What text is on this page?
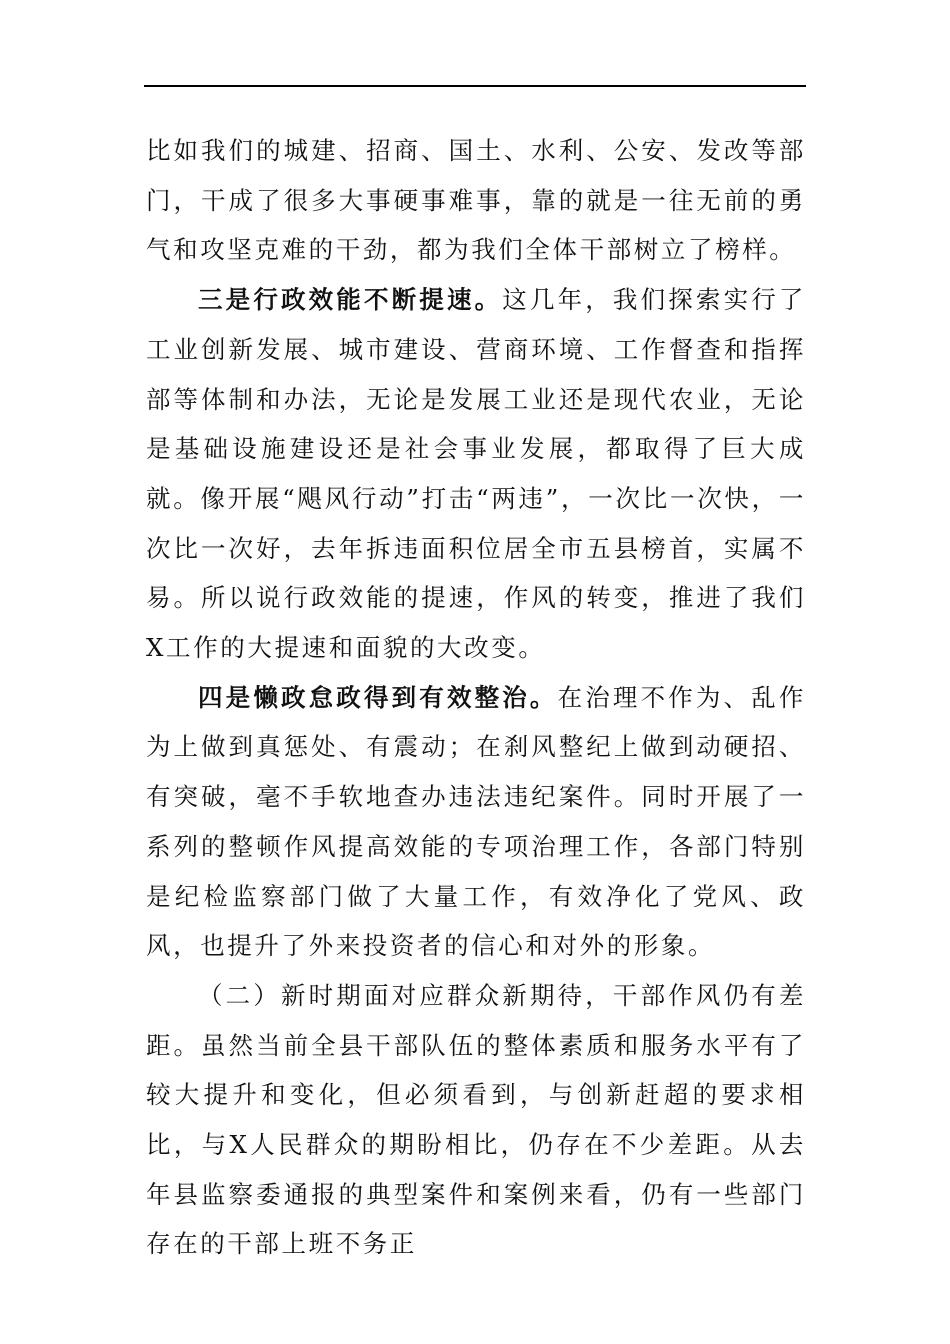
比如我们的城建、招商、国土、水利、公安、发改等部门，干成了很多大事硬事难事，靠的就是一往无前的勇气和攻坚克难的干劲，都为我们全体干部树立了榜样。

三是行政效能不断提速。这几年，我们探索实行了工业创新发展、城市建设、营商环境、工作督查和指挥部等体制和办法，无论是发展工业还是现代农业，无论是基础设施建设还是社会事业发展，都取得了巨大成就。像开展“飓风行动”打击“两违”，一次比一次快，一次比一次好，去年拆违面积位居全市五县榜首，实属不易。所以说行政效能的提速，作风的转变，推进了我们X工作的大提速和面貌的大改变。

四是懒政怠政得到有效整治。在治理不作为、乱作为上做到真惩处、有震动；在刹风整纪上做到动硬招、有突破，毫不手软地查办违法违纪案件。同时开展了一系列的整顿作风提高效能的专项治理工作，各部门特别是纪检监察部门做了大量工作，有效净化了党风、政风，也提升了外来投资者的信心和对外的形象。

（二）新时期面对应群众新期待，干部作风仍有差距。虽然当前全县干部队伍的整体素质和服务水平有了较大提升和变化，但必须看到，与创新赶超的要求相比，与X人民群众的期盼相比，仍存在不少差距。从去年县监察委通报的典型案件和案例来看，仍有一些部门存在的干部上班不务正
